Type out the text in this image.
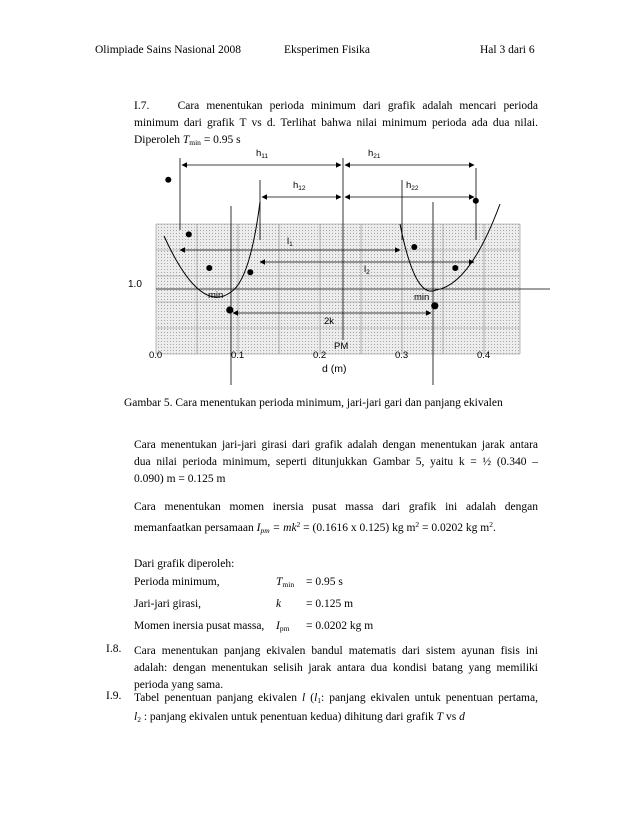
Olimpiade Sains Nasional 2008	Eksperimen Fisika	Hal 3 dari 6
I.7. Cara menentukan perioda minimum dari grafik adalah mencari perioda
minimum dari grafik T vs d. Terlihat bahwa nilai minimum perioda ada dua nilai.
Diperoleh $T_{min} = 0.95$ s
1.0
$h_{11}$	$h_{21}$
$h_{12}$	$h_{22}$
$l_1$
$l_2$
min	min
2k
PM
0.0	0.1	0.2	0.3	0.4
d (m)
Gambar 5. Cara menentukan perioda minimum, jari-jari gari dan panjang ekivalen
Cara menentukan jari-jari girasi dari grafik adalah dengan menentukan jarak antara
dua nilai perioda minimum, seperti ditunjukkan Gambar 5, yaitu k = ½ (0.340 –
0.090) m = 0.125 m
Cara menentukan momen inersia pusat massa dari grafik ini adalah dengan
memanfaatkan persamaan $I_{pm} = mk^2 = (0.1616$ x 0.125) kg $m^2 = 0.0202$ kg $m^2$.
Dari grafik diperoleh:
Perioda minimum,	$T_{min} = 0.95$ s
Jari-jari girasi,	k = 0.125 m
Momen inersia pusat massa, $I_{pm} = 0.0202$ kg m
I.8. Cara menentukan panjang ekivalen bandul matematis dari sistem ayunan fisis ini
adalah: dengan menentukan selisih jarak antara dua kondisi batang yang memiliki
perioda yang sama.
I.9. Tabel penentuan panjang ekivalen l ($l_1$: panjang ekivalen untuk penentuan pertama,
$l_2$ : panjang ekivalen untuk penentuan kedua) dihitung dari grafik T vs d
